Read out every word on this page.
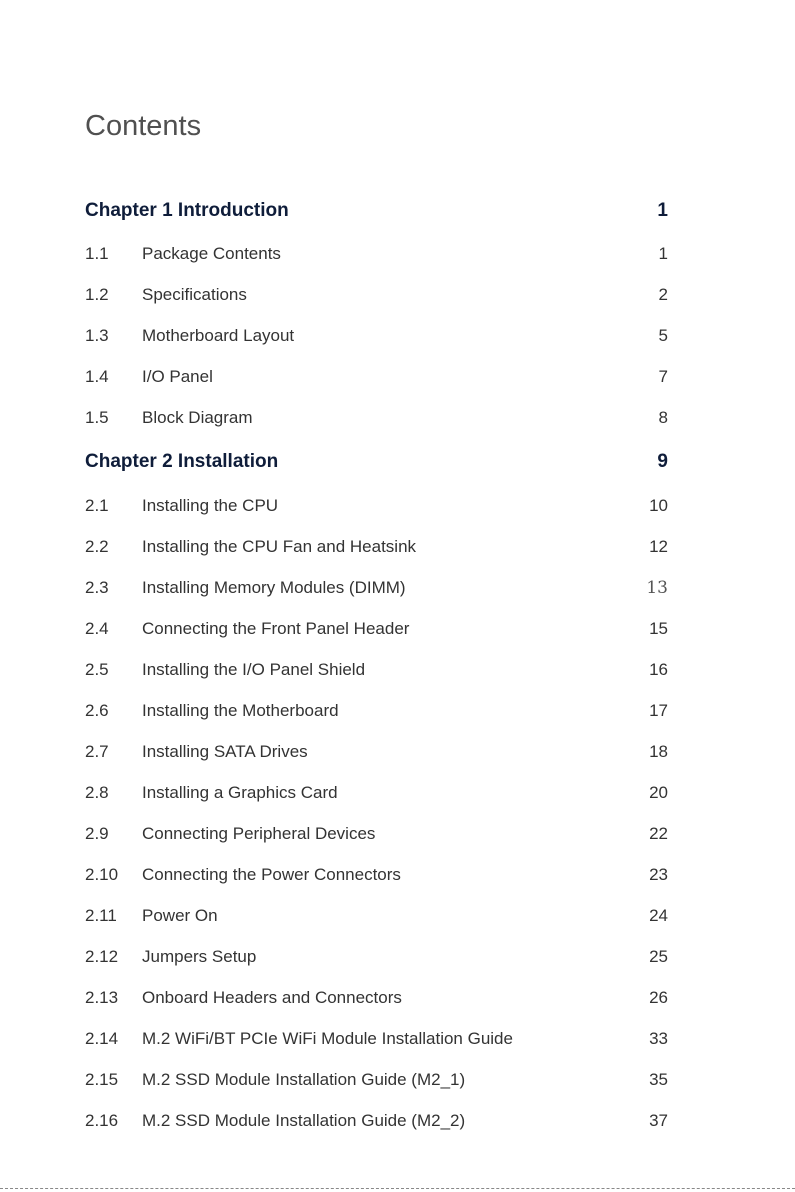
Contents
Chapter 1 Introduction	1
1.1	Package Contents	1
1.2	Specifications	2
1.3	Motherboard Layout	5
1.4	I/O Panel	7
1.5	Block Diagram	8
Chapter 2 Installation	9
2.1	Installing the CPU	10
2.2	Installing the CPU Fan and Heatsink	12
2.3	Installing Memory Modules (DIMM)	13
2.4	Connecting the Front Panel Header	15
2.5	Installing the I/O Panel Shield	16
2.6	Installing the Motherboard	17
2.7	Installing SATA Drives	18
2.8	Installing a Graphics Card	20
2.9	Connecting Peripheral Devices	22
2.10	Connecting the Power Connectors	23
2.11	Power On	24
2.12	Jumpers Setup	25
2.13	Onboard Headers and Connectors	26
2.14	M.2 WiFi/BT PCIe WiFi Module Installation Guide	33
2.15	M.2 SSD Module Installation Guide (M2_1)	35
2.16	M.2 SSD Module Installation Guide (M2_2)	37
